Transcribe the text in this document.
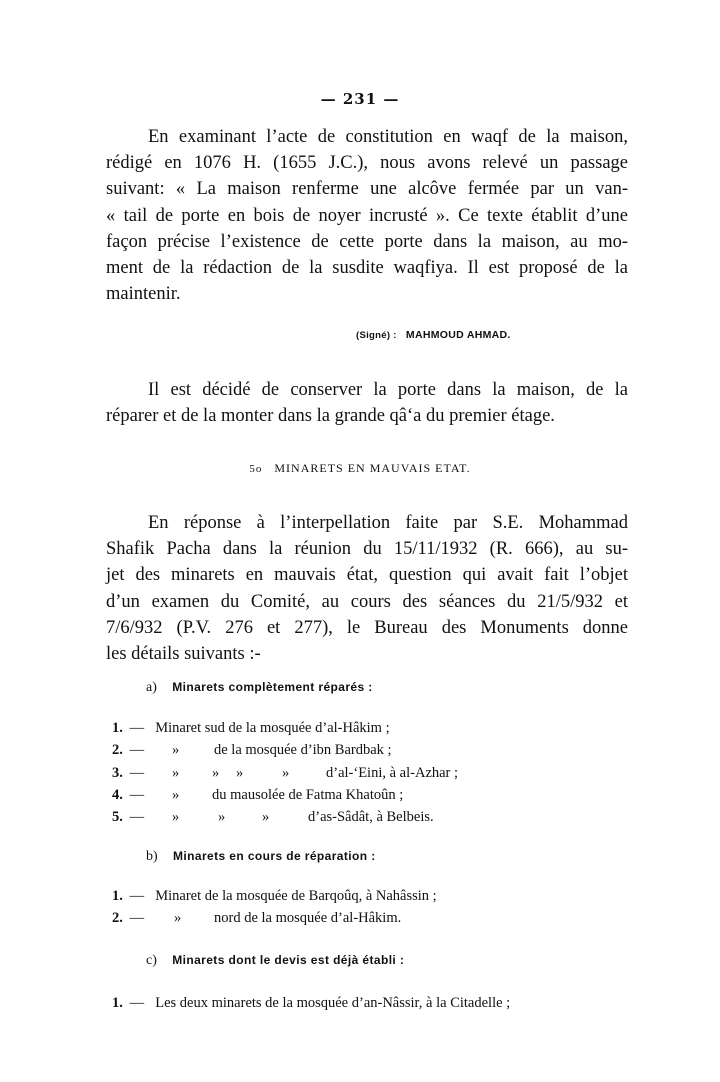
— 231 —
En examinant l’acte de constitution en waqf de la maison,
rédigé en 1076 H. (1655 J.C.), nous avons relevé un passage
suivant: « La maison renferme une alcôve fermée par un van-
« tail de porte en bois de noyer incrusté ». Ce texte établit d’une
façon précise l’existence de cette porte dans la maison, au mo-
ment de la rédaction de la susdite waqfiya. Il est proposé de la
maintenir.
(Signé) : MAHMOUD AHMAD.
Il est décidé de conserver la porte dans la maison, de la
réparer et de la monter dans la grande qâ‘a du premier étage.
5o MINARETS EN MAUVAIS ETAT.
En réponse à l’interpellation faite par S.E. Mohammad
Shafik Pacha dans la réunion du 15/11/1932 (R. 666), au su-
jet des minarets en mauvais état, question qui avait fait l’objet
d’un examen du Comité, au cours des séances du 21/5/932 et
7/6/932 (P.V. 276 et 277), le Bureau des Monuments donne
les détails suivants :-
a) Minarets complètement réparés :
1. — Minaret sud de la mosquée d’al-Hâkim ;
2. — » de la mosquée d’ibn Bardbak ;
3. — » » »	»	d’al-‘Eini, à al-Azhar ;
4. — » du mausolée de Fatma Khatoûn ;
5. — »	»	»	d’as-Sâdât, à Belbeis.
b) Minarets en cours de réparation :
1. — Minaret de la mosquée de Barqoûq, à Nahâssin ;
2. — » nord de la mosquée d’al-Hâkim.
c) Minarets dont le devis est déjà établi :
1. — Les deux minarets de la mosquée d’an-Nâssir, à la Citadelle ;
